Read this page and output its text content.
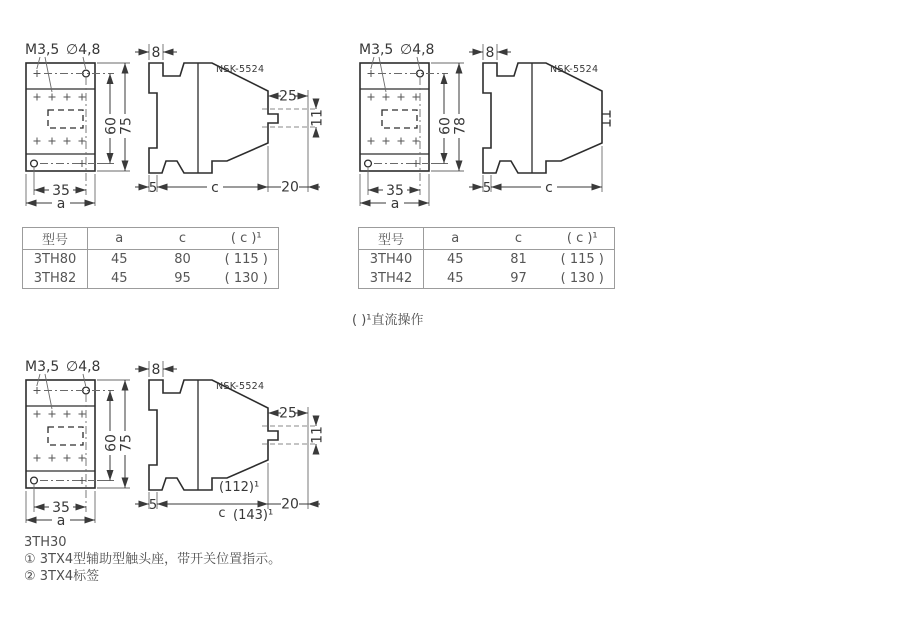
M3,5 ∅4,8
60 75
35
a
NSK-5524
8
25
11
5	c	20
M3,5 ∅4,8
60 78
35
a
NSK-5524
8
5	c
M3,5 ∅4,8
60 75
35
a
NSK-5524
8
25
11
(112)¹
5
c (143)¹
20
型号	a	c	( c )¹
3TH80	45	80	( 115 )
3TH82	45	95	( 130 )
型号	a	c	( c )¹
3TH40	45	81	( 115 )
3TH42	45	97	( 130 )
( )¹直流操作
3TH30
① 3TX4型辅助型触头座，带开关位置指示。
② 3TX4标签
